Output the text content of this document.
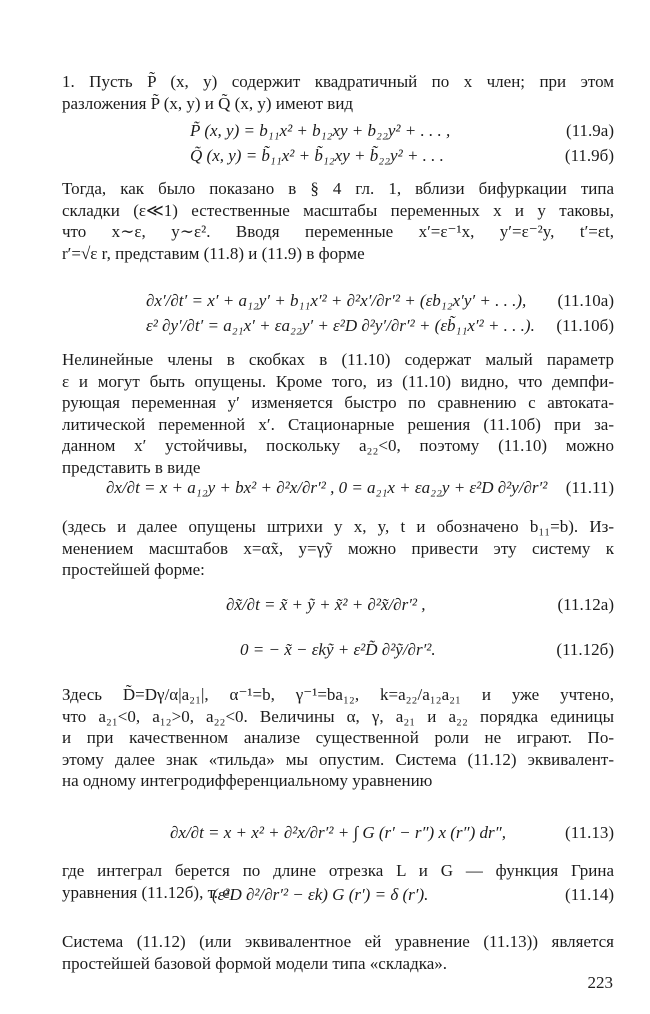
1. Пусть P̃ (x, y) содержит квадратичный по x член; при этом
разложения P̃ (x, y) и Q̃ (x, y) имеют вид
P̃ (x, y) = b₁₁x² + b₁₂xy + b₂₂y² + . . . ,	(11.9a)
Q̃ (x, y) = b̃₁₁x² + b̃₁₂xy + b̃₂₂y² + . . .	(11.9б)
Тогда, как было показано в § 4 гл. 1, вблизи бифуркации типа
складки (ε≪1) естественные масштабы переменных x и y таковы,
что x∼ε, y∼ε². Вводя переменные x′=ε⁻¹x, y′=ε⁻²y, t′=εt,
r′=√ε r, представим (11.8) и (11.9) в форме
∂x′/∂t′ = x′ + a₁₂y′ + b₁₁x′² + ∂²x′/∂r′² + (εb₁₂x′y′ + . . .), (11.10a)
ε² ∂y′/∂t′ = a₂₁x′ + εa₂₂y′ + ε²D ∂²y′/∂r′² + (εb̃₁₁x′² + . . .). (11.10б)
Нелинейные члены в скобках в (11.10) содержат малый параметр
ε и могут быть опущены. Кроме того, из (11.10) видно, что демпфи-
рующая переменная y′ изменяется быстро по сравнению с автоката-
литической переменной x′. Стационарные решения (11.10б) при за-
данном x′ устойчивы, поскольку a₂₂<0, поэтому (11.10) можно
представить в виде
∂x/∂t = x + a₁₂y + bx² + ∂²x/∂r′² , 0 = a₂₁x + εa₂₂y + ε²D ∂²y/∂r′² (11.11)
(здесь и далее опущены штрихи у x, y, t и обозначено b₁₁=b). Из-
менением масштабов x=αx̃, y=γỹ можно привести эту систему к
простейшей форме:
∂x̃/∂t = x̃ + ỹ + x̃² + ∂²x̃/∂r′² ,	(11.12a)
0 = − x̃ − εkỹ + ε²D̃ ∂²ỹ/∂r′².	(11.12б)
Здесь D̃=Dγ/α|a₂₁|, α⁻¹=b, γ⁻¹=ba₁₂, k=a₂₂/a₁₂a₂₁ и уже учтено,
что a₂₁<0, a₁₂>0, a₂₂<0. Величины α, γ, a₂₁ и a₂₂ порядка единицы
и при качественном анализе существенной роли не играют. По-
этому далее знак «тильда» мы опустим. Система (11.12) эквивалент-
на одному интегродифференциальному уравнению
∂x/∂t = x + x² + ∂²x/∂r′² + ∫ G (r′ − r″) x (r″) dr″,	(11.13)
где интеграл берется по длине отрезка L и G — функция Грина
уравнения (11.12б), т. е.
(ε²D ∂²/∂r′² − εk) G (r′) = δ (r′).	(11.14)
Система (11.12) (или эквивалентное ей уравнение (11.13)) является
простейшей базовой формой модели типа «складка».
223
